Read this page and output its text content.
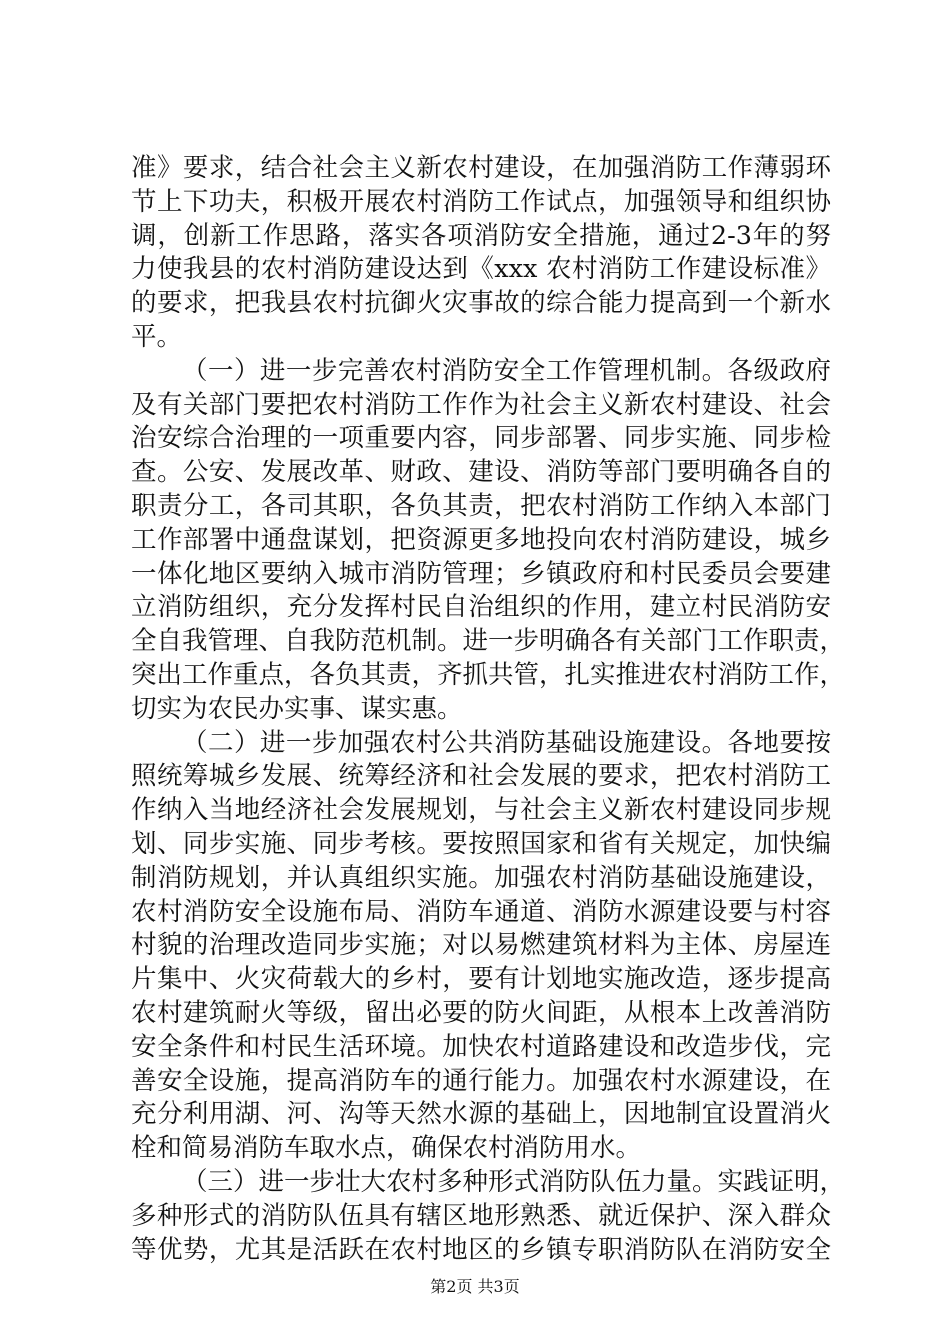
准》要求，结合社会主义新农村建设，在加强消防工作薄弱环
节上下功夫，积极开展农村消防工作试点，加强领导和组织协
调，创新工作思路，落实各项消防安全措施，通过2-3年的努
力使我县的农村消防建设达到《xxx 农村消防工作建设标准》
的要求，把我县农村抗御火灾事故的综合能力提高到一个新水
平。
（一）进一步完善农村消防安全工作管理机制。各级政府
及有关部门要把农村消防工作作为社会主义新农村建设、社会
治安综合治理的一项重要内容，同步部署、同步实施、同步检
查。公安、发展改革、财政、建设、消防等部门要明确各自的
职责分工，各司其职，各负其责，把农村消防工作纳入本部门
工作部署中通盘谋划，把资源更多地投向农村消防建设，城乡
一体化地区要纳入城市消防管理；乡镇政府和村民委员会要建
立消防组织，充分发挥村民自治组织的作用，建立村民消防安
全自我管理、自我防范机制。进一步明确各有关部门工作职责，
突出工作重点，各负其责，齐抓共管，扎实推进农村消防工作，
切实为农民办实事、谋实惠。
（二）进一步加强农村公共消防基础设施建设。各地要按
照统筹城乡发展、统筹经济和社会发展的要求，把农村消防工
作纳入当地经济社会发展规划，与社会主义新农村建设同步规
划、同步实施、同步考核。要按照国家和省有关规定，加快编
制消防规划，并认真组织实施。加强农村消防基础设施建设，
农村消防安全设施布局、消防车通道、消防水源建设要与村容
村貌的治理改造同步实施；对以易燃建筑材料为主体、房屋连
片集中、火灾荷载大的乡村，要有计划地实施改造，逐步提高
农村建筑耐火等级，留出必要的防火间距，从根本上改善消防
安全条件和村民生活环境。加快农村道路建设和改造步伐，完
善安全设施，提高消防车的通行能力。加强农村水源建设，在
充分利用湖、河、沟等天然水源的基础上，因地制宜设置消火
栓和简易消防车取水点，确保农村消防用水。
（三）进一步壮大农村多种形式消防队伍力量。实践证明，
多种形式的消防队伍具有辖区地形熟悉、就近保护、深入群众
等优势，尤其是活跃在农村地区的乡镇专职消防队在消防安全
第2页 共3页
